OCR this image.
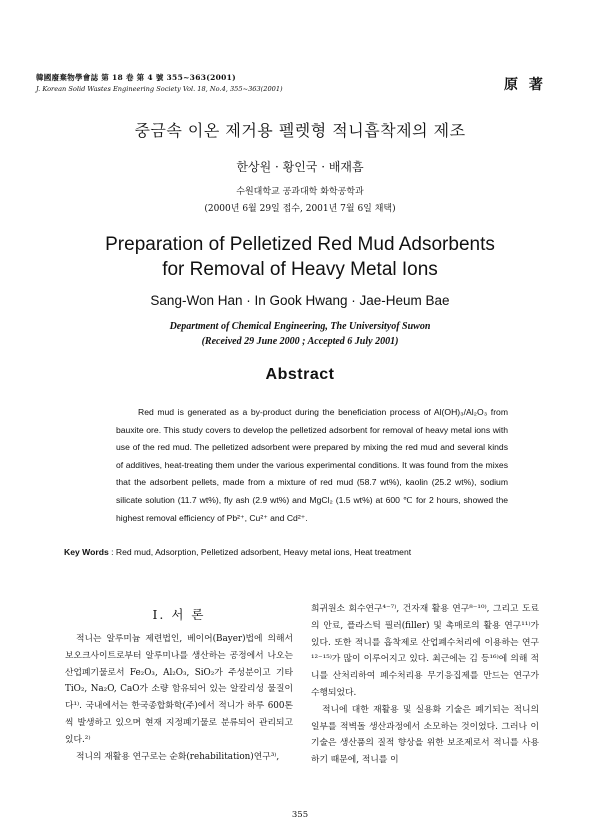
韓國廢棄物學會誌 第 18 卷 第 4 號 355~363(2001)
J. Korean Solid Wastes Engineering Society Vol. 18, No.4, 355~363(2001)	原 著
중금속 이온 제거용 펠렛형 적니흡착제의 제조
한상원 · 황인국 · 배재흠
수원대학교 공과대학 화학공학과
(2000년 6월 29일 접수, 2001년 7월 6일 채택)
Preparation of Pelletized Red Mud Adsorbents
for Removal of Heavy Metal Ions
Sang-Won Han · In Gook Hwang · Jae-Heum Bae
Department of Chemical Engineering, The Universityof Suwon
(Received 29 June 2000 ; Accepted 6 July 2001)
Abstract
Red mud is generated as a by-product during the beneficiation process of Al(OH)₃/Al₂O₃ from bauxite ore. This study covers to develop the pelletized adsorbent for removal of heavy metal ions with use of the red mud. The pelletized adsorbent were prepared by mixing the red mud and several kinds of additives, heat-treating them under the various experimental conditions. It was found from the mixes that the adsorbent pellets, made from a mixture of red mud (58.7 wt%), kaolin (25.2 wt%), sodium silicate solution (11.7 wt%), fly ash (2.9 wt%) and MgCl₂ (1.5 wt%) at 600 ℃ for 2 hours, showed the highest removal efficiency of Pb²⁺, Cu²⁺ and Cd²⁺.
Key Words : Red mud, Adsorption, Pelletized adsorbent, Heavy metal ions, Heat treatment
Ⅰ. 서 론

적니는 알루미늄 제련법인, 베이어(Bayer)법에 의해서 보오크사이트로부터 알루미나를 생산하는 공정에서 나오는 산업폐기물로서 Fe₂O₃, Al₂O₃, SiO₂가 주성분이고 기타 TiO₂, Na₂O, CaO가 소량 함유되어 있는 알칼리성 물질이다¹⁾. 국내에서는 한국종합화학(주)에서 적니가 하루 600톤씩 발생하고 있으며 현재 지정폐기물로 분류되어 관리되고 있다.²⁾

적니의 재활용 연구로는 순화(rehabilitation)연구³⁾,

희귀원소 회수연구⁴⁻⁷⁾, 건자재 활용 연구⁸⁻¹⁰⁾, 그리고 도료의 안료, 플라스틱 필러(filler) 및 촉매로의 활용 연구¹¹⁾가 있다. 또한 적니를 흡착제로 산업폐수처리에 이용하는 연구¹²⁻¹⁵⁾가 많이 이루어지고 있다. 최근에는 김 등¹⁶⁾에 의해 적니를 산처리하여 폐수처리용 무기응집제를 만드는 연구가 수행되었다.

적니에 대한 재활용 및 실용화 기술은 폐기되는 적니의 일부를 적벽돌 생산과정에서 소모하는 것이었다. 그러나 이 기술은 생산품의 질적 향상을 위한 보조제로서 적니를 사용하기 때문에, 적니를 이

355
